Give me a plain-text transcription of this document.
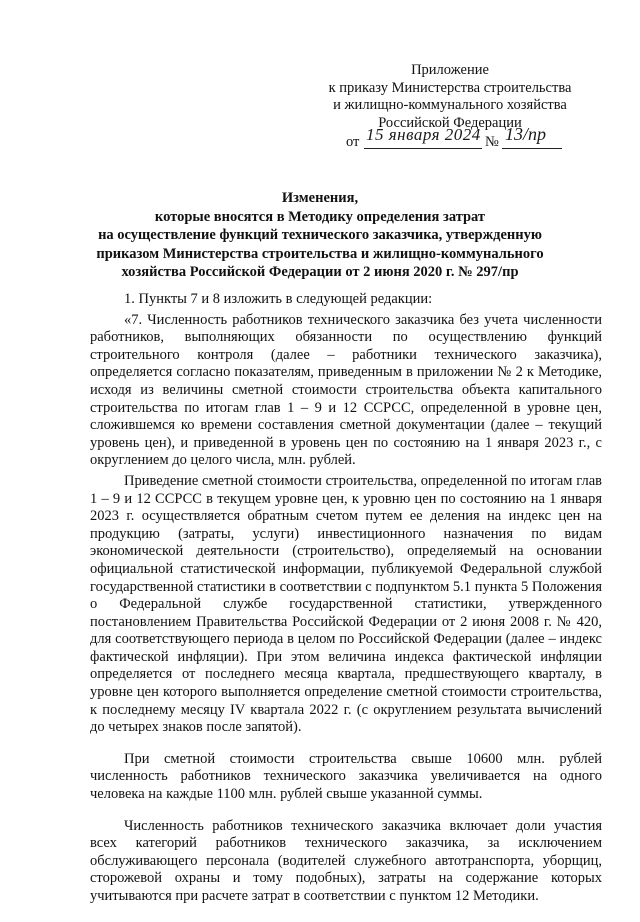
Приложение
к приказу Министерства строительства
и жилищно-коммунального хозяйства
Российской Федерации
от 15 января 2024 № 13/пр
Изменения,
которые вносятся в Методику определения затрат
на осуществление функций технического заказчика, утвержденную
приказом Министерства строительства и жилищно-коммунального
хозяйства Российской Федерации от 2 июня 2020 г. № 297/пр

1. Пункты 7 и 8 изложить в следующей редакции:

«7. Численность работников технического заказчика без учета численности работников, выполняющих обязанности по осуществлению функций строительного контроля (далее – работники технического заказчика), определяется согласно показателям, приведенным в приложении № 2 к Методике, исходя из величины сметной стоимости строительства объекта капитального строительства по итогам глав 1 – 9 и 12 ССРСС, определенной в уровне цен, сложившемся ко времени составления сметной документации (далее – текущий уровень цен), и приведенной в уровень цен по состоянию на 1 января 2023 г., с округлением до целого числа, млн. рублей.

Приведение сметной стоимости строительства, определенной по итогам глав 1 – 9 и 12 ССРСС в текущем уровне цен, к уровню цен по состоянию на 1 января 2023 г. осуществляется обратным счетом путем ее деления на индекс цен на продукцию (затраты, услуги) инвестиционного назначения по видам экономической деятельности (строительство), определяемый на основании официальной статистической информации, публикуемой Федеральной службой государственной статистики в соответствии с подпунктом 5.1 пункта 5 Положения о Федеральной службе государственной статистики, утвержденного постановлением Правительства Российской Федерации от 2 июня 2008 г. № 420, для соответствующего периода в целом по Российской Федерации (далее – индекс фактической инфляции). При этом величина индекса фактической инфляции определяется от последнего месяца квартала, предшествующего кварталу, в уровне цен которого выполняется определение сметной стоимости строительства, к последнему месяцу IV квартала 2022 г. (с округлением результата вычислений до четырех знаков после запятой).

При сметной стоимости строительства свыше 10600 млн. рублей численность работников технического заказчика увеличивается на одного человека на каждые 1100 млн. рублей свыше указанной суммы.

Численность работников технического заказчика включает доли участия всех категорий работников технического заказчика, за исключением обслуживающего персонала (водителей служебного автотранспорта, уборщиц, сторожевой охраны и тому подобных), затраты на содержание которых учитываются при расчете затрат в соответствии с пунктом 12 Методики.
